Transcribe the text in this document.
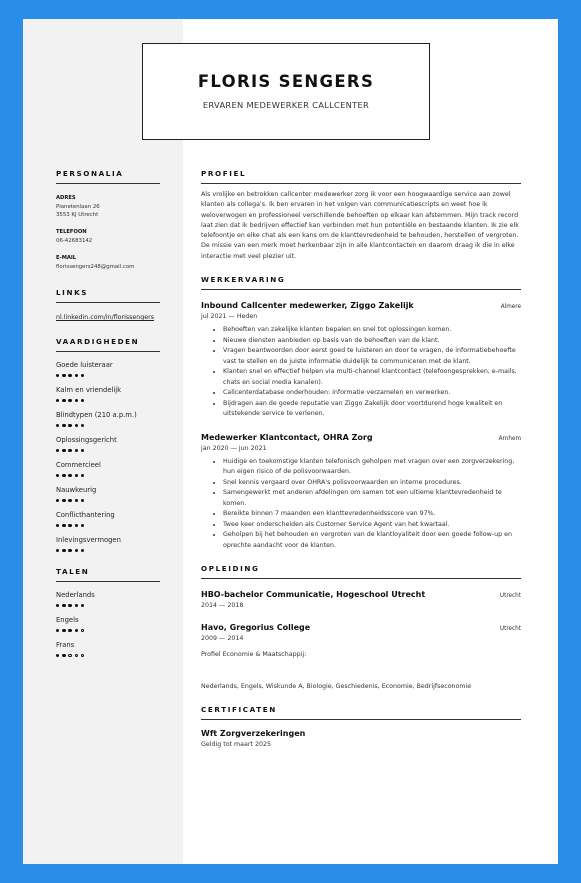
FLORIS SENGERS
ERVAREN MEDEWERKER CALLCENTER
PERSONALIA
ADRES
Planetenlaan 26
3553 KJ Utrecht
TELEFOON
06-42683142
E-MAIL
florissengers248@gmail.com
LINKS
nl.linkedin.com/in/florissengers
VAARDIGHEDEN
Goede luisteraar
Kalm en vriendelijk
Blindtypen (210 a.p.m.)
Oplossingsgericht
Commercieel
Nauwkeurig
Conflicthantering
Inlevingsvermogen
TALEN
Nederlands
Engels
Frans
PROFIEL
Als vrolijke en betrokken callcenter medewerker zorg ik voor een hoogwaardige service aan zowel klanten als collega's. Ik ben ervaren in het volgen van communicatiescripts en weet hoe ik weloverwogen en professioneel verschillende behoeften op elkaar kan afstemmen. Mijn track record laat zien dat ik bedrijven effectief kan verbinden met hun potentiële en bestaande klanten. Ik zie elk telefoontje en elke chat als een kans om de klanttevredenheid te behouden, herstellen of vergroten. De missie van een merk moet herkenbaar zijn in alle klantcontacten en daarom draag ik die in elke interactie met veel plezier uit.
WERKERVARING
Inbound Callcenter medewerker, Ziggo Zakelijk	Almere
jul 2021 — Heden
• Behoeften van zakelijke klanten bepalen en snel tot oplossingen komen.
• Nieuwe diensten aanbieden op basis van de behoeften van de klant.
• Vragen beantwoorden door eerst goed te luisteren en door te vragen, de informatiebehoefte vast te stellen en de juiste informatie duidelijk te communiceren met de klant.
• Klanten snel en effectief helpen via multi-channel klantcontact (telefoongesprekken, e-mails, chats en social media kanalen).
• Callcenterdatabase onderhouden: informatie verzamelen en verwerken.
• Bijdragen aan de goede reputatie van Ziggo Zakelijk door voortdurend hoge kwaliteit en uitstekende service te verlenen.
Medewerker Klantcontact, OHRA Zorg	Arnhem
jan 2020 — jun 2021
• Huidige en toekomstige klanten telefonisch geholpen met vragen over een zorgverzekering, hun eigen risico of de polisvoorwaarden.
• Snel kennis vergaard over OHRA's polisvoorwaarden en interne procedures.
• Samengewerkt met anderen afdelingen om samen tot een ultieme klanttevredenheid te komen.
• Bereikte binnen 7 maanden een klanttevredenheidsscore van 97%.
• Twee keer onderscheiden als Customer Service Agent van het kwartaal.
• Geholpen bij het behouden en vergroten van de klantloyaliteit door een goede follow-up en oprechte aandacht voor de klanten.
OPLEIDING
HBO-bachelor Communicatie, Hogeschool Utrecht	Utrecht
2014 — 2018
Havo, Gregorius College	Utrecht
2009 — 2014
Profiel Economie & Maatschappij:
Nederlands, Engels, Wiskunde A, Biologie, Geschiedenis, Economie, Bedrijfseconomie
CERTIFICATEN
Wft Zorgverzekeringen
Geldig tot maart 2025
